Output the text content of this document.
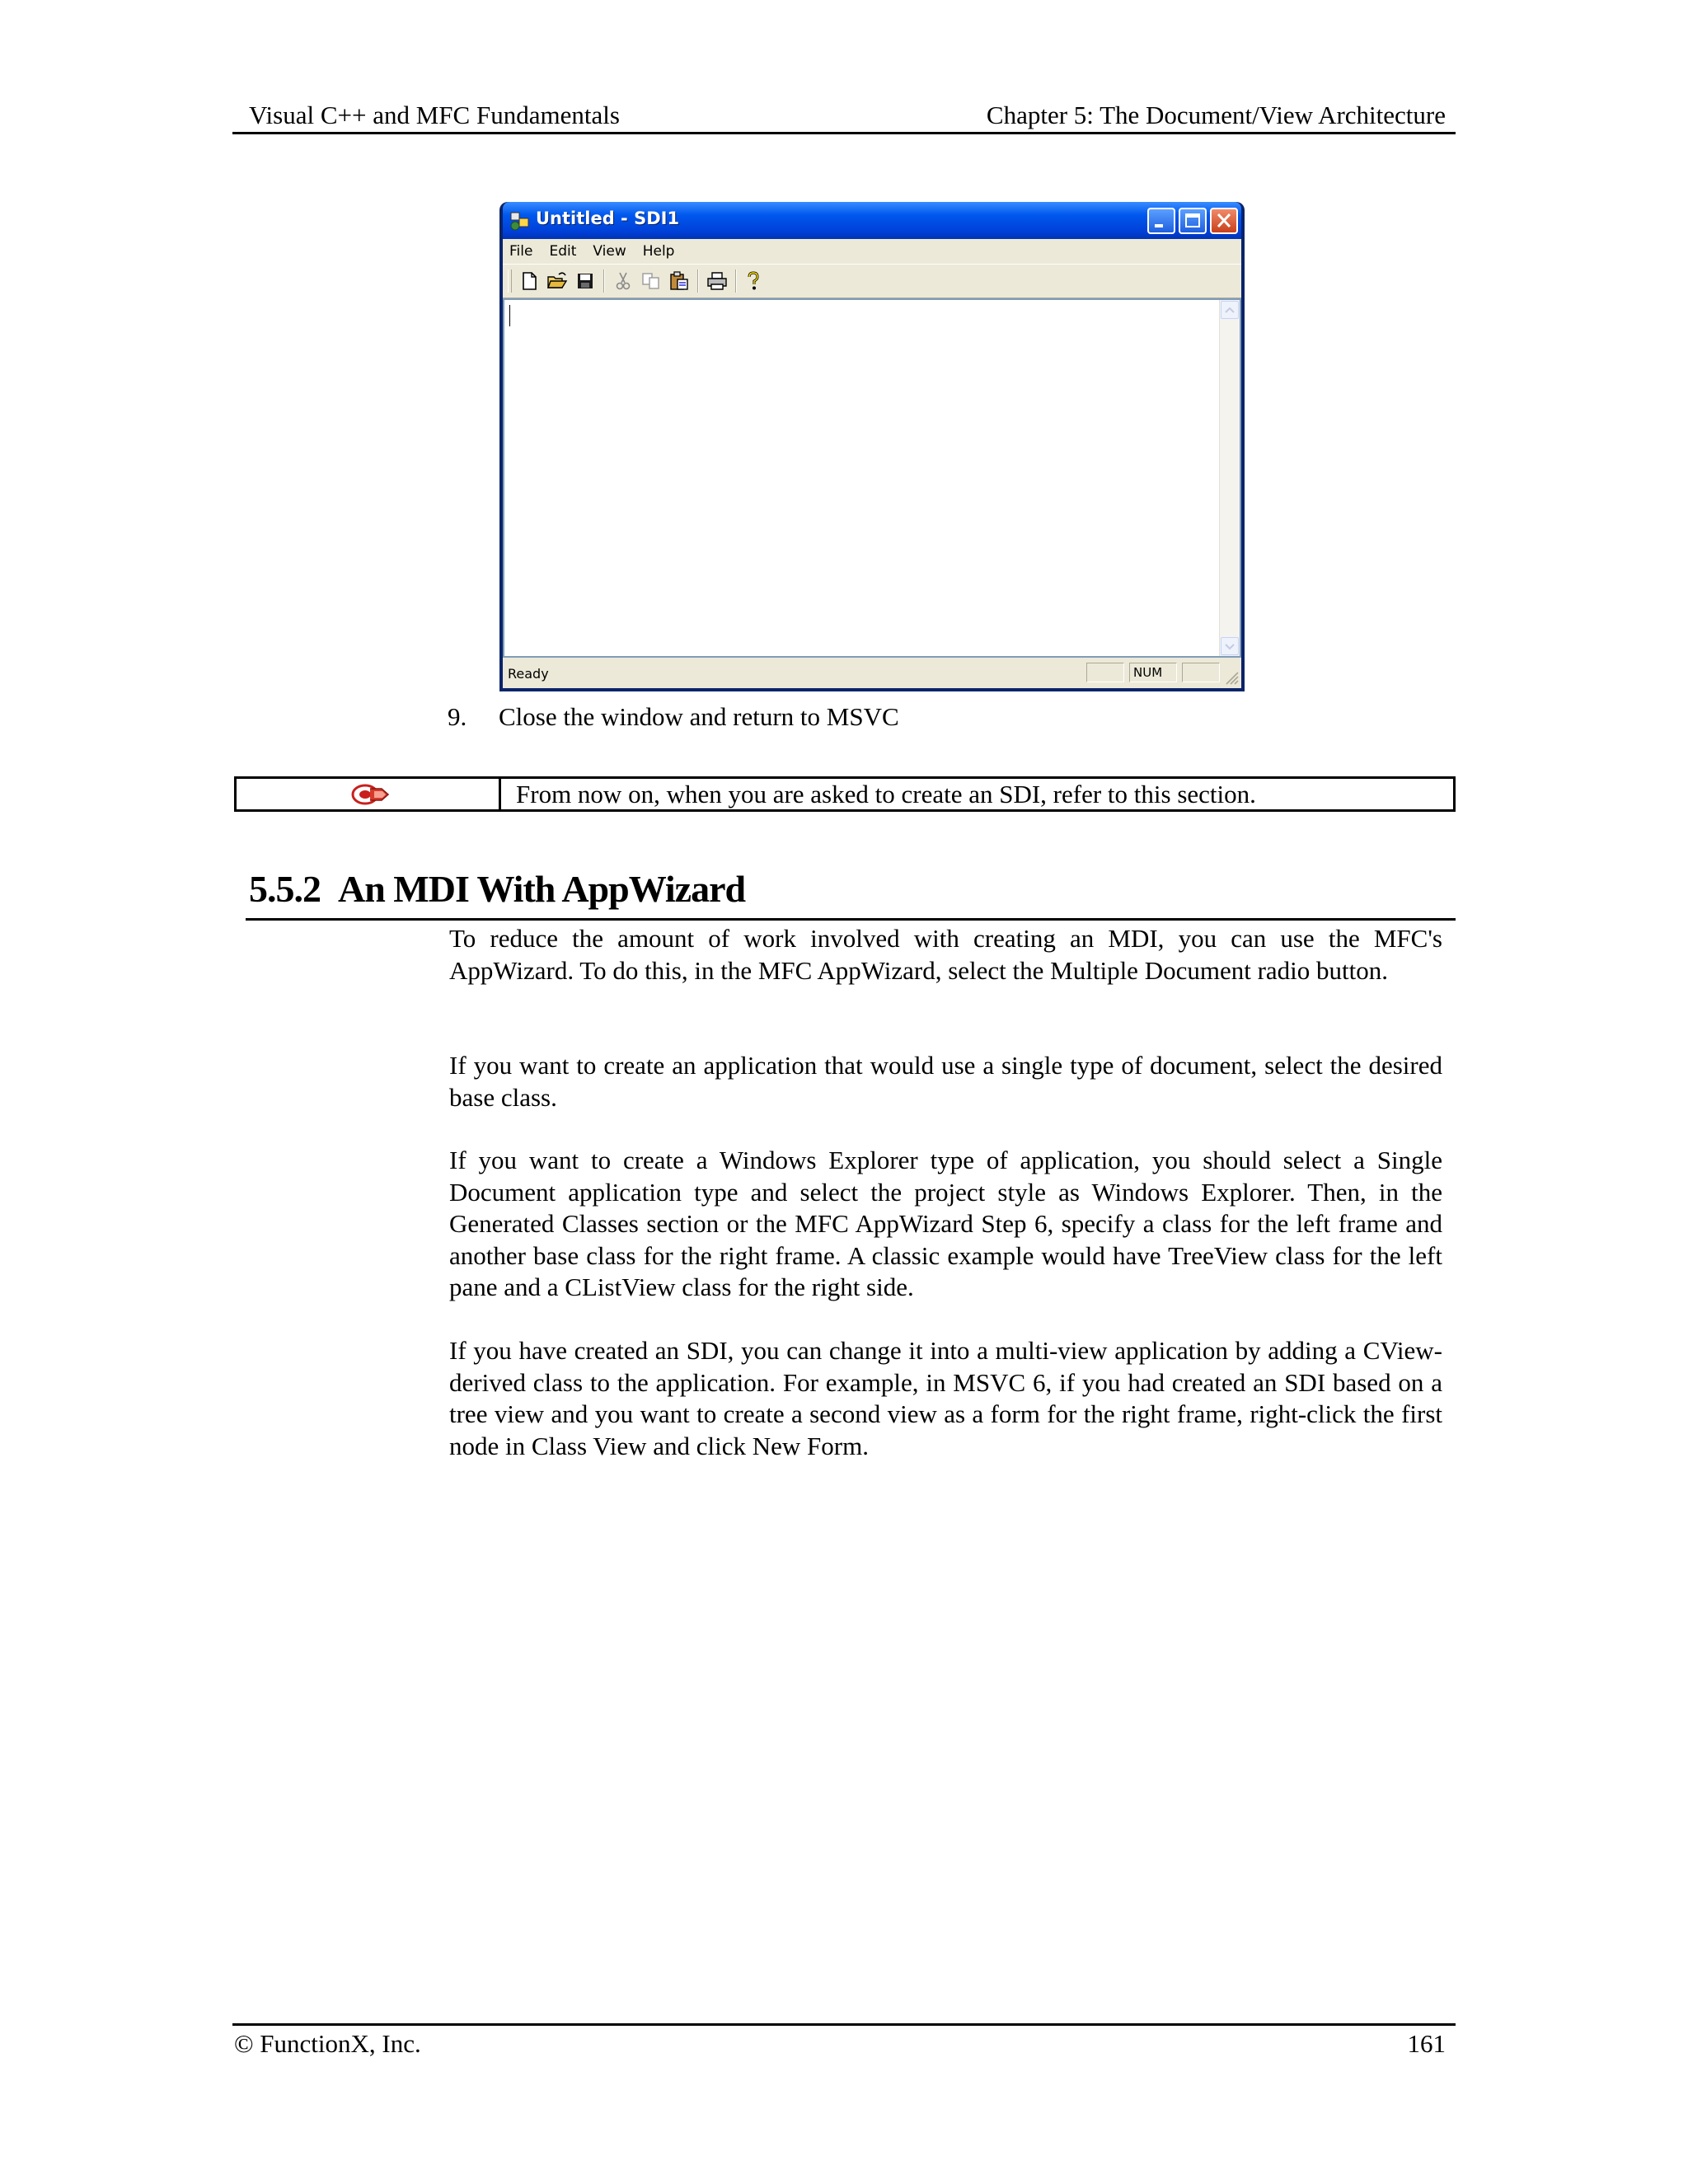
Visual C++ and MFC Fundamentals	Chapter 5: The Document/View Architecture
Untitled - SDI1
File Edit View Help
Ready	NUM
9. Close the window and return to MSVC
From now on, when you are asked to create an SDI, refer to this section.
5.5.2 An MDI With AppWizard

To reduce the amount of work involved with creating an MDI, you can use the MFC's AppWizard. To do this, in the MFC AppWizard, select the Multiple Document radio button.

If you want to create an application that would use a single type of document, select the desired base class.

If you want to create a Windows Explorer type of application, you should select a Single Document application type and select the project style as Windows Explorer. Then, in the Generated Classes section or the MFC AppWizard Step 6, specify a class for the left frame and another base class for the right frame. A classic example would have TreeView class for the left pane and a CListView class for the right side.

If you have created an SDI, you can change it into a multi-view application by adding a CView-derived class to the application. For example, in MSVC 6, if you had created an SDI based on a tree view and you want to create a second view as a form for the right frame, right-click the first node in Class View and click New Form.

© FunctionX, Inc.	161
